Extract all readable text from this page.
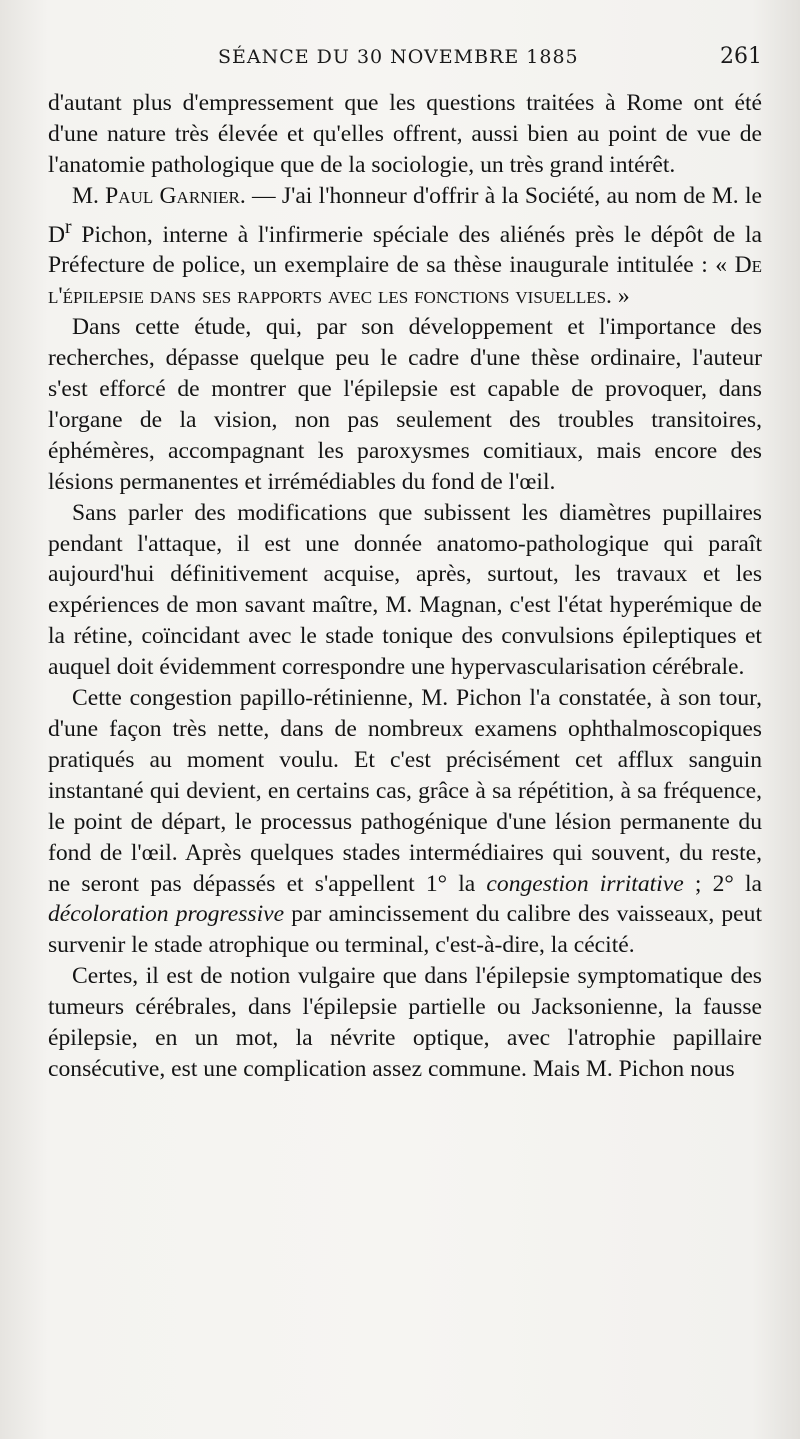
SÉANCE DU 30 NOVEMBRE 1885	261

d'autant plus d'empressement que les questions traitées à Rome ont été d'une nature très élevée et qu'elles offrent, aussi bien au point de vue de l'anatomie pathologique que de la sociologie, un très grand intérêt.

M. Paul Garnier. — J'ai l'honneur d'offrir à la Société, au nom de M. le $D^r$ Pichon, interne à l'infirmerie spéciale des aliénés près le dépôt de la Préfecture de police, un exemplaire de sa thèse inaugurale intitulée : « De l'épilepsie dans ses rapports avec les fonctions visuelles. »

Dans cette étude, qui, par son développement et l'importance des recherches, dépasse quelque peu le cadre d'une thèse ordinaire, l'auteur s'est efforcé de montrer que l'épilepsie est capable de provoquer, dans l'organe de la vision, non pas seulement des troubles transitoires, éphémères, accompagnant les paroxysmes comitiaux, mais encore des lésions permanentes et irrémédiables du fond de l'œil.

Sans parler des modifications que subissent les diamètres pupillaires pendant l'attaque, il est une donnée anatomo-pathologique qui paraît aujourd'hui définitivement acquise, après, surtout, les travaux et les expériences de mon savant maître, M. Magnan, c'est l'état hyperémique de la rétine, coïncidant avec le stade tonique des convulsions épileptiques et auquel doit évidemment correspondre une hypervascularisation cérébrale.

Cette congestion papillo-rétinienne, M. Pichon l'a constatée, à son tour, d'une façon très nette, dans de nombreux examens ophthalmoscopiques pratiqués au moment voulu. Et c'est précisément cet afflux sanguin instantané qui devient, en certains cas, grâce à sa répétition, à sa fréquence, le point de départ, le processus pathogénique d'une lésion permanente du fond de l'œil. Après quelques stades intermédiaires qui souvent, du reste, ne seront pas dépassés et s'appellent 1° la congestion irritative ; 2° la décoloration progressive par amincissement du calibre des vaisseaux, peut survenir le stade atrophique ou terminal, c'est-à-dire, la cécité.

Certes, il est de notion vulgaire que dans l'épilepsie symptomatique des tumeurs cérébrales, dans l'épilepsie partielle ou Jacksonienne, la fausse épilepsie, en un mot, la névrite optique, avec l'atrophie papillaire consécutive, est une complication assez commune. Mais M. Pichon nous
